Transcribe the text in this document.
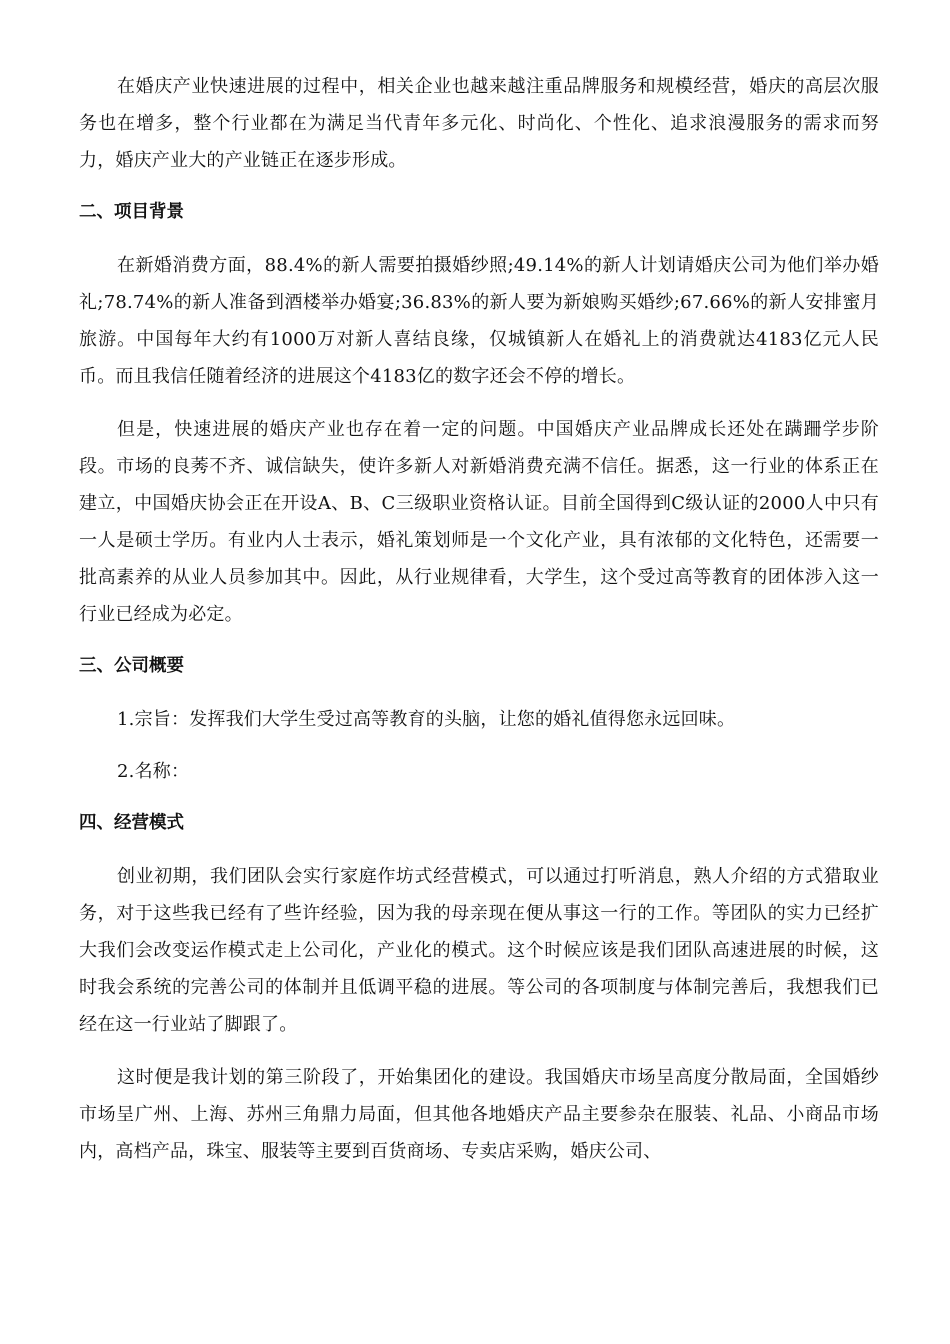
在婚庆产业快速进展的过程中，相关企业也越来越注重品牌服务和规模经营，婚庆的高层次服务也在增多，整个行业都在为满足当代青年多元化、时尚化、个性化、追求浪漫服务的需求而努力，婚庆产业大的产业链正在逐步形成。

二、项目背景

在新婚消费方面，88.4%的新人需要拍摄婚纱照;49.14%的新人计划请婚庆公司为他们举办婚礼;78.74%的新人准备到酒楼举办婚宴;36.83%的新人要为新娘购买婚纱;67.66%的新人安排蜜月旅游。中国每年大约有1000万对新人喜结良缘，仅城镇新人在婚礼上的消费就达4183亿元人民币。而且我信任随着经济的进展这个4183亿的数字还会不停的增长。

但是，快速进展的婚庆产业也存在着一定的问题。中国婚庆产业品牌成长还处在蹒跚学步阶段。市场的良莠不齐、诚信缺失，使许多新人对新婚消费充满不信任。据悉，这一行业的体系正在建立，中国婚庆协会正在开设A、B、C三级职业资格认证。目前全国得到C级认证的2000人中只有一人是硕士学历。有业内人士表示，婚礼策划师是一个文化产业，具有浓郁的文化特色，还需要一批高素养的从业人员参加其中。因此，从行业规律看，大学生，这个受过高等教育的团体涉入这一行业已经成为必定。

三、公司概要

1.宗旨：发挥我们大学生受过高等教育的头脑，让您的婚礼值得您永远回味。

2.名称：

四、经营模式

创业初期，我们团队会实行家庭作坊式经营模式，可以通过打听消息，熟人介绍的方式猎取业务，对于这些我已经有了些许经验，因为我的母亲现在便从事这一行的工作。等团队的实力已经扩大我们会改变运作模式走上公司化，产业化的模式。这个时候应该是我们团队高速进展的时候，这时我会系统的完善公司的体制并且低调平稳的进展。等公司的各项制度与体制完善后，我想我们已经在这一行业站了脚跟了。

这时便是我计划的第三阶段了，开始集团化的建设。我国婚庆市场呈高度分散局面，全国婚纱市场呈广州、上海、苏州三角鼎力局面，但其他各地婚庆产品主要参杂在服装、礼品、小商品市场内，高档产品，珠宝、服装等主要到百货商场、专卖店采购，婚庆公司、
